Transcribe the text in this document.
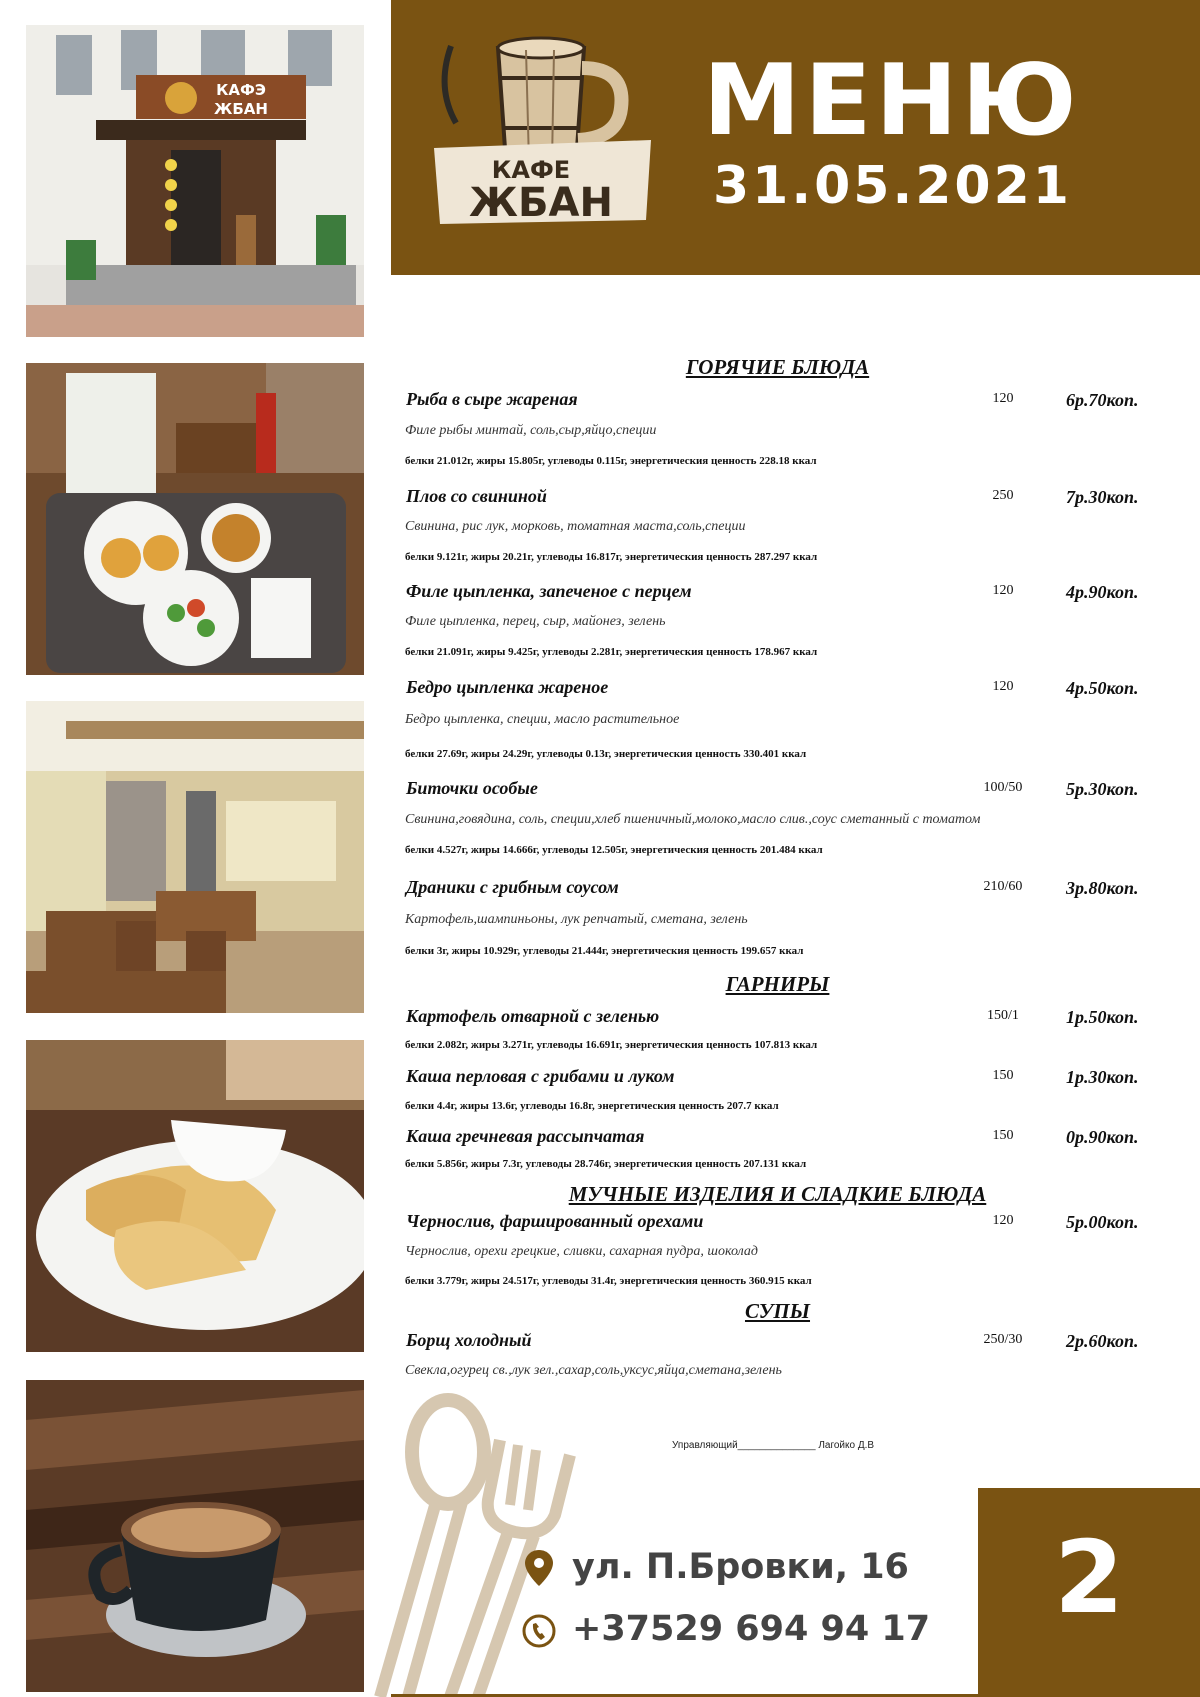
КАФЭ
ЖБАН
КАФЕ
ЖБАН
МЕНЮ
31.05.2021
ГОРЯЧИЕ БЛЮДА
Рыба в сыре жареная	120	6р.70коп.
Филе рыбы минтай, соль,сыр,яйцо,специи
белки 21.012г, жиры 15.805г, углеводы 0.115г, энергетическия ценность 228.18 ккал
Плов со свининой	250	7р.30коп.
Свинина, рис лук, морковь, томатная маста,соль,специи
белки 9.121г, жиры 20.21г, углеводы 16.817г, энергетическия ценность 287.297 ккал
Филе цыпленка, запеченое с перцем	120	4р.90коп.
Филе цыпленка, перец, сыр, майонез, зелень
белки 21.091г, жиры 9.425г, углеводы 2.281г, энергетическия ценность 178.967 ккал
Бедро цыпленка жареное	120	4р.50коп.
Бедро цыпленка, специи, масло растительное
белки 27.69г, жиры 24.29г, углеводы 0.13г, энергетическия ценность 330.401 ккал
Биточки особые	100/50	5р.30коп.
Свинина,говядина, соль, специи,хлеб пшеничный,молоко,масло слив.,соус сметанный с томатом
белки 4.527г, жиры 14.666г, углеводы 12.505г, энергетическия ценность 201.484 ккал
Драники с грибным соусом	210/60	3р.80коп.
Картофель,шампиньоны, лук репчатый, сметана, зелень
белки 3г, жиры 10.929г, углеводы 21.444г, энергетическия ценность 199.657 ккал
ГАРНИРЫ
Картофель отварной с зеленью	150/1	1р.50коп.
белки 2.082г, жиры 3.271г, углеводы 16.691г, энергетическия ценность 107.813 ккал
Каша перловая с грибами и луком	150	1р.30коп.
белки 4.4г, жиры 13.6г, углеводы 16.8г, энергетическия ценность 207.7 ккал
Каша гречневая рассыпчатая	150	0р.90коп.
белки 5.856г, жиры 7.3г, углеводы 28.746г, энергетическия ценность 207.131 ккал
МУЧНЫЕ ИЗДЕЛИЯ И СЛАДКИЕ БЛЮДА
Чернослив, фаршированный орехами	120	5р.00коп.
Чернослив, орехи грецкие, сливки, сахарная пудра, шоколад
белки 3.779г, жиры 24.517г, углеводы 31.4г, энергетическия ценность 360.915 ккал
СУПЫ
Борщ холодный	250/30	2р.60коп.
Свекла,огурец св.,лук зел.,сахар,соль,уксус,яйца,сметана,зелень
Управляющий______________ Лагойко Д.В
ул. П.Бровки, 16
+37529 694 94 17	2
